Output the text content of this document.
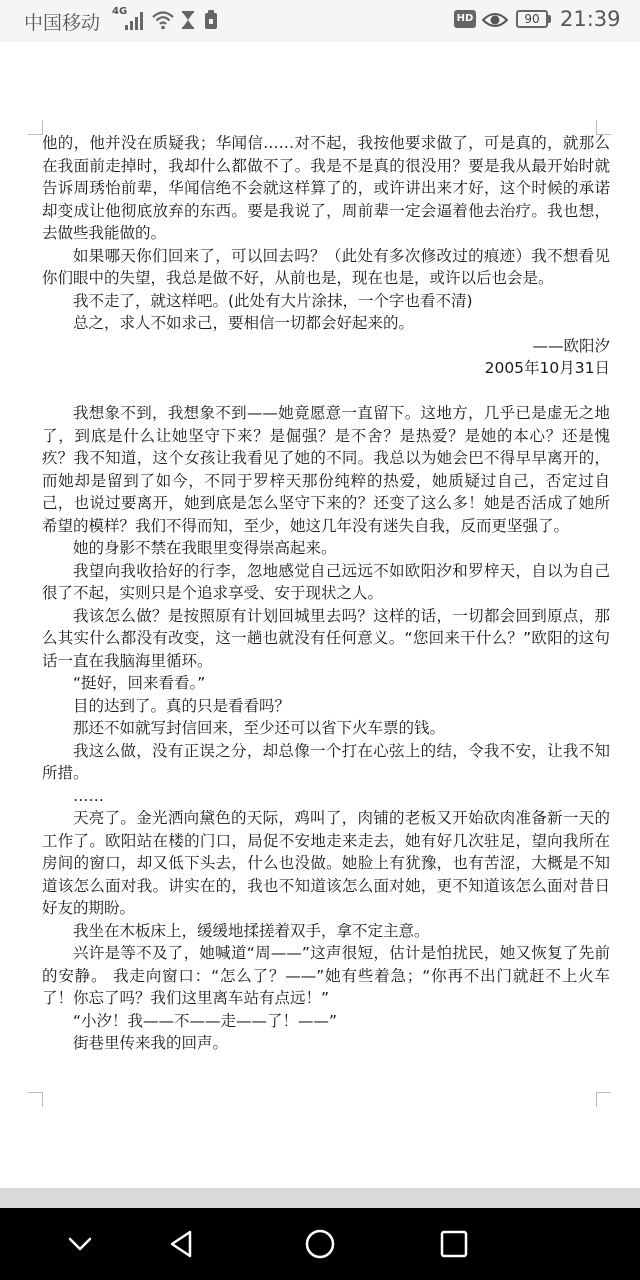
中国移动
4G
HD	90 21:39

他的，他并没在质疑我；华闻信……对不起，我按他要求做了，可是真的，就那么在我面前走掉时，我却什么都做不了。我是不是真的很没用？要是我从最开始时就告诉周琇怡前辈，华闻信绝不会就这样算了的，或许讲出来才好，这个时候的承诺却变成让他彻底放弃的东西。要是我说了，周前辈一定会逼着他去治疗。我也想，去做些我能做的。

如果哪天你们回来了，可以回去吗？（此处有多次修改过的痕迹）我不想看见你们眼中的失望，我总是做不好，从前也是，现在也是，或许以后也会是。

我不走了，就这样吧。(此处有大片涂抹，一个字也看不清)

总之，求人不如求己，要相信一切都会好起来的。

——欧阳汐

2005年10月31日

我想象不到，我想象不到——她竟愿意一直留下。这地方，几乎已是虚无之地了，到底是什么让她坚守下来？是倔强？是不舍？是热爱？是她的本心？还是愧疚？我不知道，这个女孩让我看见了她的不同。我总以为她会巴不得早早离开的，而她却是留到了如今，不同于罗梓天那份纯粹的热爱，她质疑过自己，否定过自己，也说过要离开，她到底是怎么坚守下来的？还变了这么多！她是否活成了她所希望的模样？我们不得而知，至少，她这几年没有迷失自我，反而更坚强了。

她的身影不禁在我眼里变得崇高起来。

我望向我收拾好的行李，忽地感觉自己远远不如欧阳汐和罗梓天，自以为自己很了不起，实则只是个追求享受、安于现状之人。

我该怎么做？是按照原有计划回城里去吗？这样的话，一切都会回到原点，那么其实什么都没有改变，这一趟也就没有任何意义。“您回来干什么？”欧阳的这句话一直在我脑海里循环。

“挺好，回来看看。”

目的达到了。真的只是看看吗？

那还不如就写封信回来，至少还可以省下火车票的钱。

我这么做，没有正误之分，却总像一个打在心弦上的结，令我不安，让我不知所措。

……

天亮了。金光洒向黛色的天际，鸡叫了，肉铺的老板又开始砍肉准备新一天的工作了。欧阳站在楼的门口，局促不安地走来走去，她有好几次驻足，望向我所在房间的窗口，却又低下头去，什么也没做。她脸上有犹豫，也有苦涩，大概是不知道该怎么面对我。讲实在的，我也不知道该怎么面对她，更不知道该怎么面对昔日好友的期盼。

我坐在木板床上，缓缓地揉搓着双手，拿不定主意。

兴许是等不及了，她喊道“周——”这声很短，估计是怕扰民，她又恢复了先前的安静。 我走向窗口：“怎么了？——”她有些着急；“你再不出门就赶不上火车了！你忘了吗？我们这里离车站有点远！”

“小汐！我——不——走——了！——”

街巷里传来我的回声。
